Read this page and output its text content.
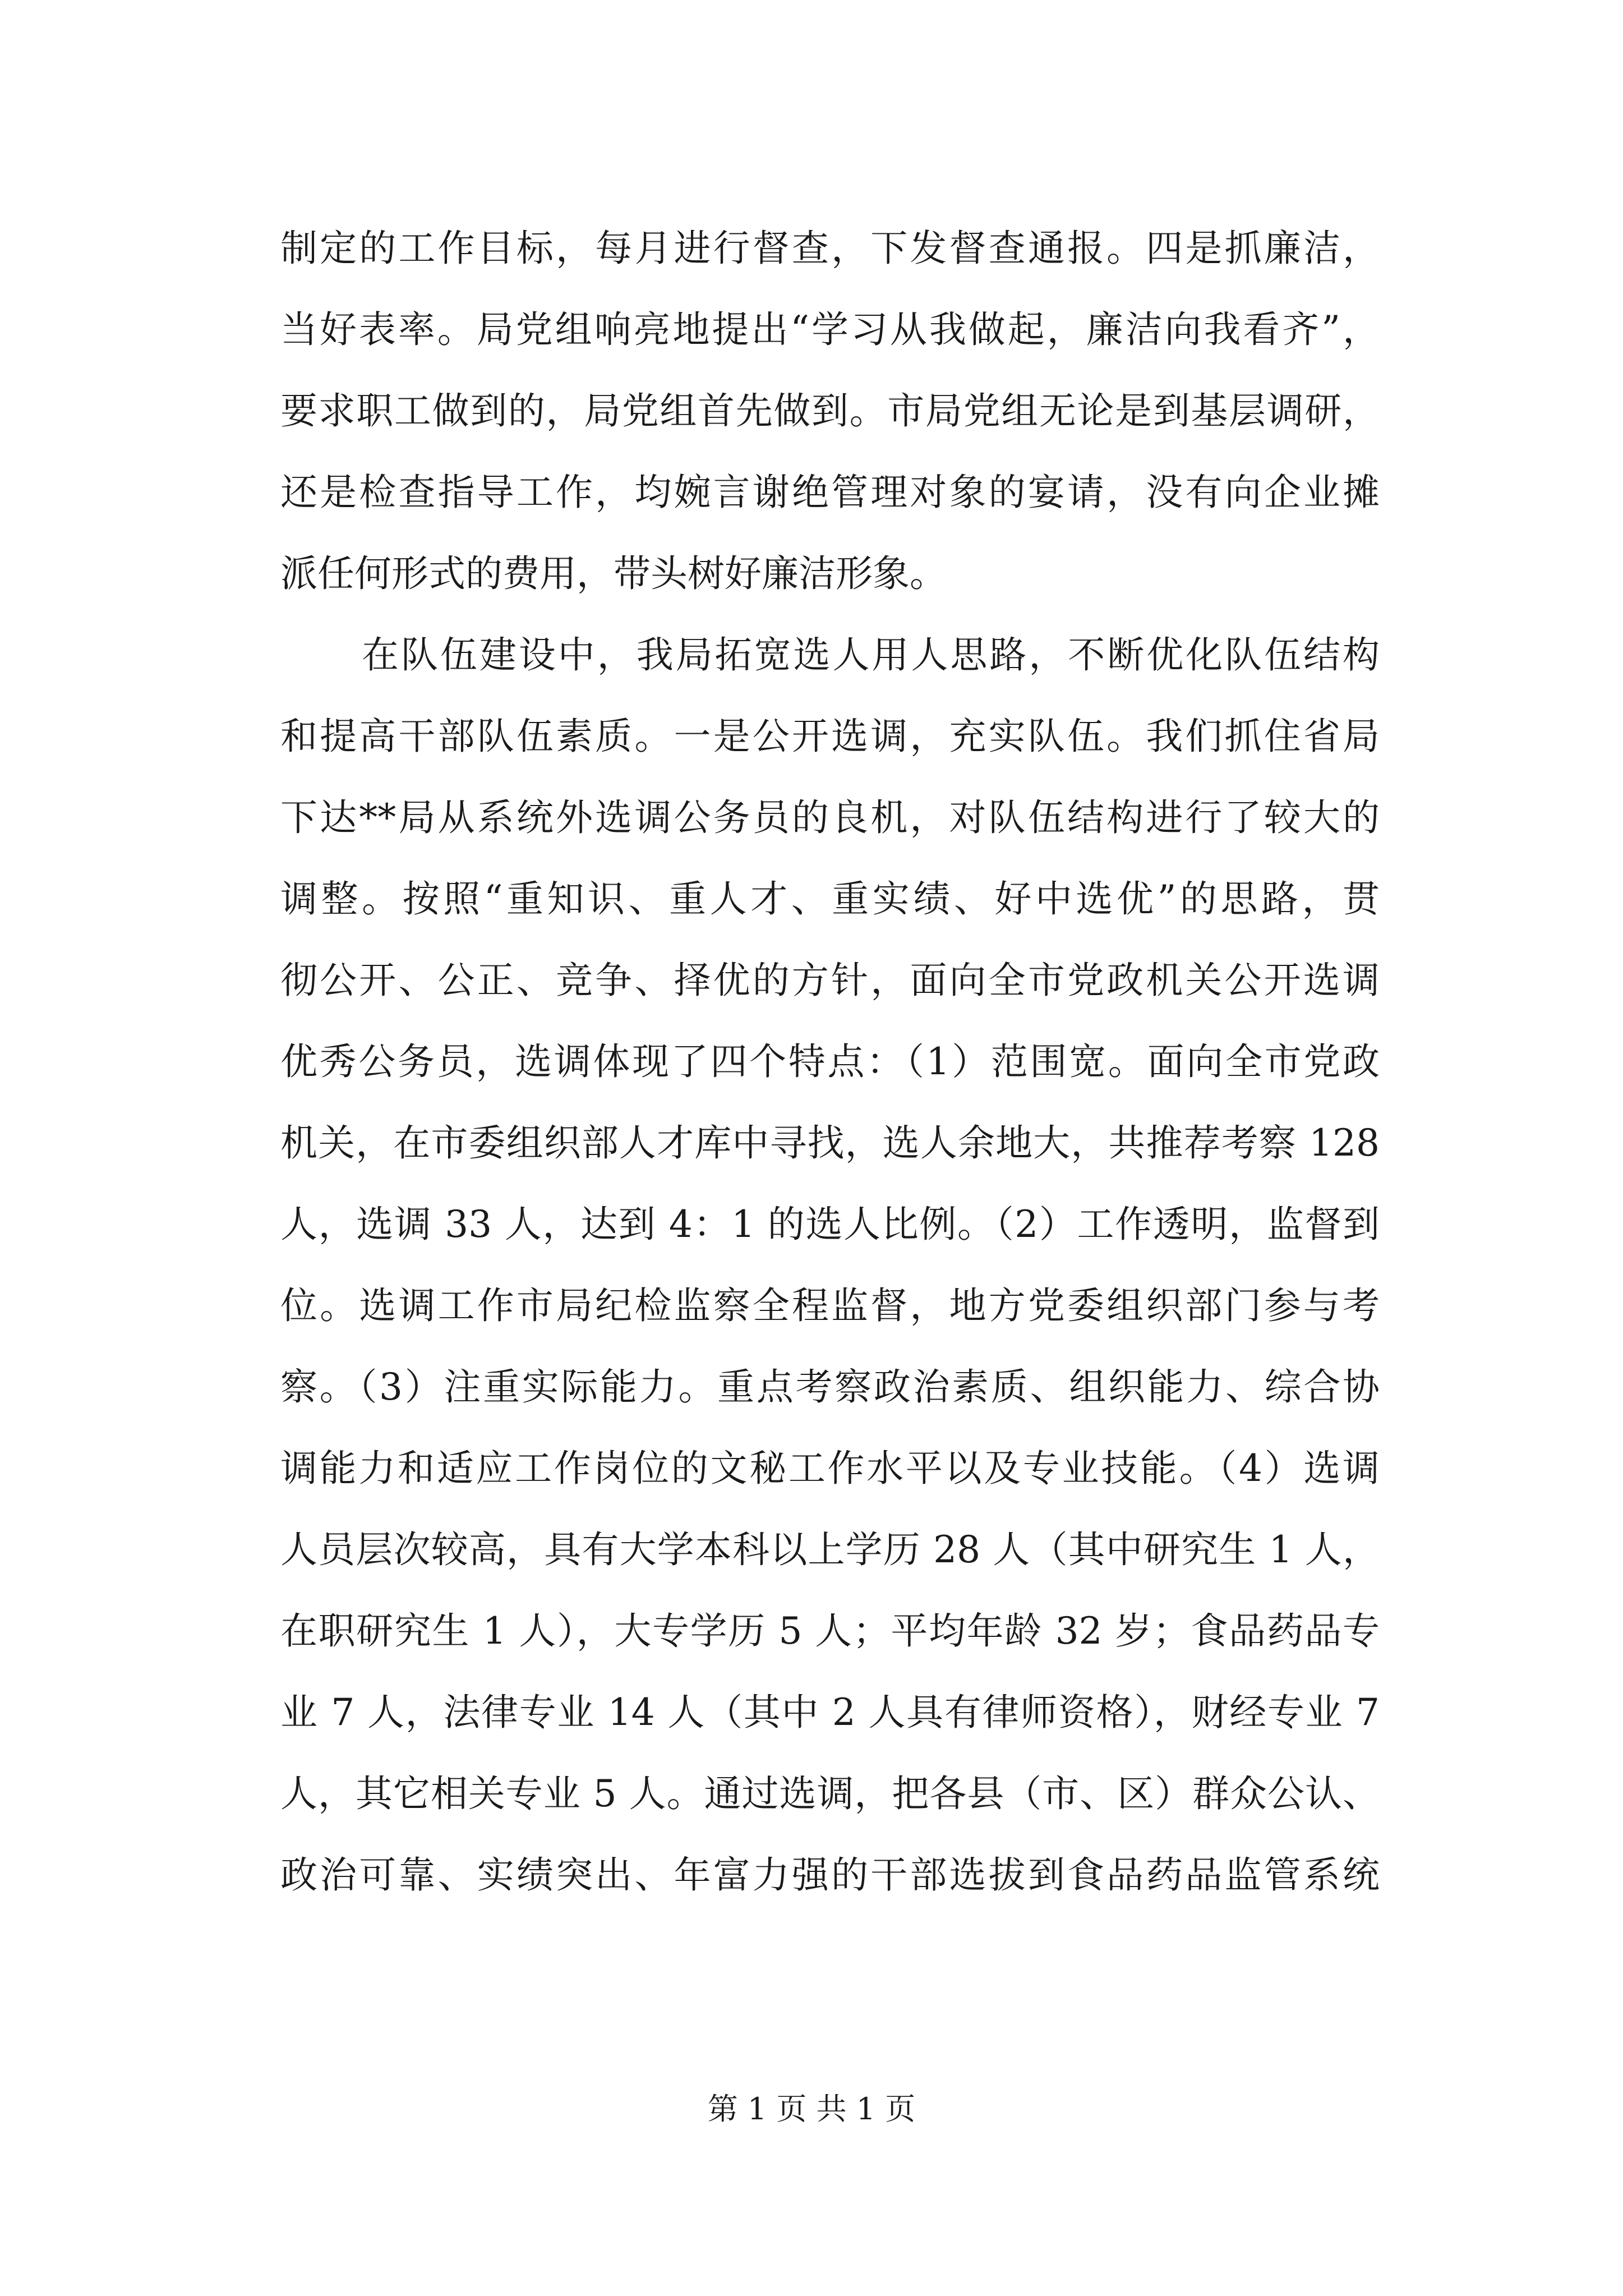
制定的工作目标，每月进行督查，下发督查通报。四是抓廉洁，
当好表率。局党组响亮地提出“学习从我做起，廉洁向我看齐”，
要求职工做到的，局党组首先做到。市局党组无论是到基层调研，
还是检查指导工作，均婉言谢绝管理对象的宴请，没有向企业摊
派任何形式的费用，带头树好廉洁形象。
在队伍建设中，我局拓宽选人用人思路，不断优化队伍结构
和提高干部队伍素质。一是公开选调，充实队伍。我们抓住省局
下达**局从系统外选调公务员的良机，对队伍结构进行了较大的
调整。按照“重知识、重人才、重实绩、好中选优”的思路，贯
彻公开、公正、竞争、择优的方针，面向全市党政机关公开选调
优秀公务员，选调体现了四个特点：（1）范围宽。面向全市党政
机关，在市委组织部人才库中寻找，选人余地大，共推荐考察 128
人，选调 33 人，达到 4：1 的选人比例。（2）工作透明，监督到
位。选调工作市局纪检监察全程监督，地方党委组织部门参与考
察。（3）注重实际能力。重点考察政治素质、组织能力、综合协
调能力和适应工作岗位的文秘工作水平以及专业技能。（4）选调
人员层次较高，具有大学本科以上学历 28 人（其中研究生 1 人，
在职研究生 1 人），大专学历 5 人；平均年龄 32 岁；食品药品专
业 7 人，法律专业 14 人（其中 2 人具有律师资格），财经专业 7
人，其它相关专业 5 人。通过选调，把各县（市、区）群众公认、
政治可靠、实绩突出、年富力强的干部选拔到食品药品监管系统
第 1 页 共 1 页
